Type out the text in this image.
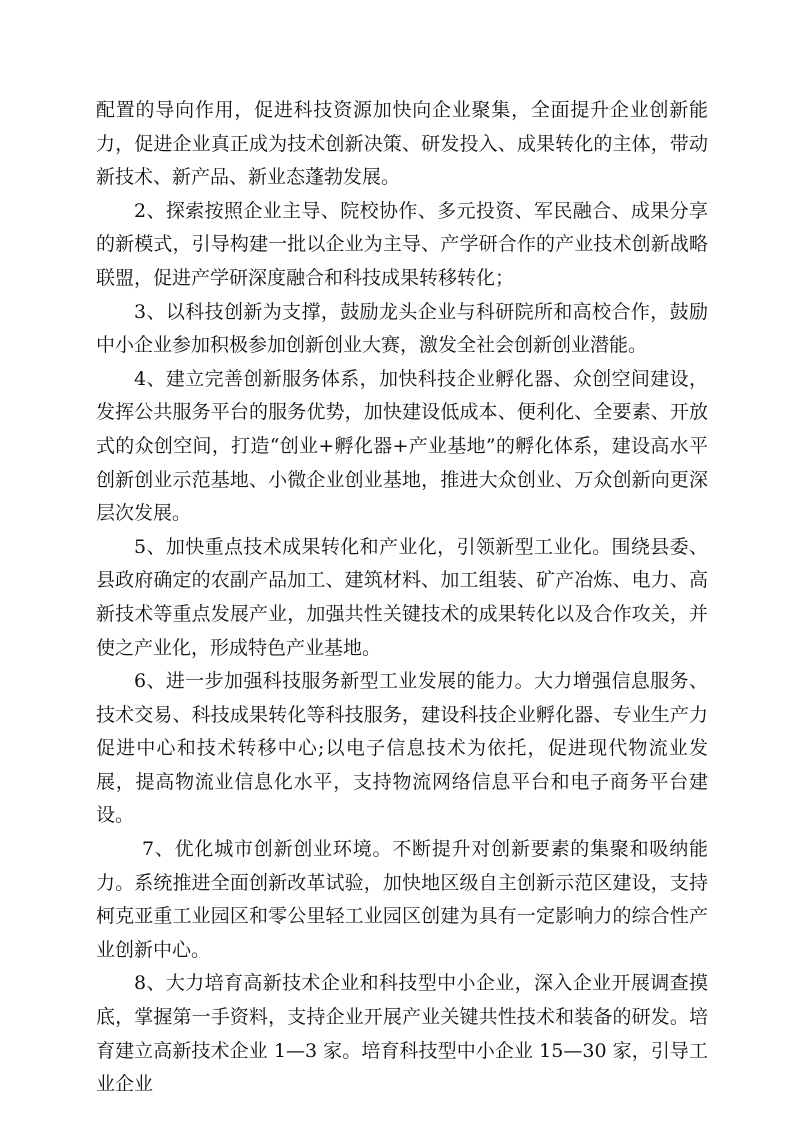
配置的导向作用，促进科技资源加快向企业聚集，全面提升企业创新能力，促进企业真正成为技术创新决策、研发投入、成果转化的主体，带动新技术、新产品、新业态蓬勃发展。

2、探索按照企业主导、院校协作、多元投资、军民融合、成果分享的新模式，引导构建一批以企业为主导、产学研合作的产业技术创新战略联盟，促进产学研深度融合和科技成果转移转化；

3、以科技创新为支撑，鼓励龙头企业与科研院所和高校合作，鼓励中小企业参加积极参加创新创业大赛，激发全社会创新创业潜能。

4、建立完善创新服务体系，加快科技企业孵化器、众创空间建设，发挥公共服务平台的服务优势，加快建设低成本、便利化、全要素、开放式的众创空间，打造“创业+孵化器+产业基地”的孵化体系，建设高水平创新创业示范基地、小微企业创业基地，推进大众创业、万众创新向更深层次发展。

5、加快重点技术成果转化和产业化，引领新型工业化。围绕县委、县政府确定的农副产品加工、建筑材料、加工组装、矿产冶炼、电力、高新技术等重点发展产业，加强共性关键技术的成果转化以及合作攻关，并使之产业化，形成特色产业基地。

6、进一步加强科技服务新型工业发展的能力。大力增强信息服务、技术交易、科技成果转化等科技服务，建设科技企业孵化器、专业生产力促进中心和技术转移中心;以电子信息技术为依托，促进现代物流业发展，提高物流业信息化水平，支持物流网络信息平台和电子商务平台建设。

7、优化城市创新创业环境。不断提升对创新要素的集聚和吸纳能力。系统推进全面创新改革试验，加快地区级自主创新示范区建设，支持柯克亚重工业园区和零公里轻工业园区创建为具有一定影响力的综合性产业创新中心。

8、大力培育高新技术企业和科技型中小企业，深入企业开展调查摸底，掌握第一手资料，支持企业开展产业关键共性技术和装备的研发。培育建立高新技术企业 1—3 家。培育科技型中小企业 15—30 家，引导工业企业
